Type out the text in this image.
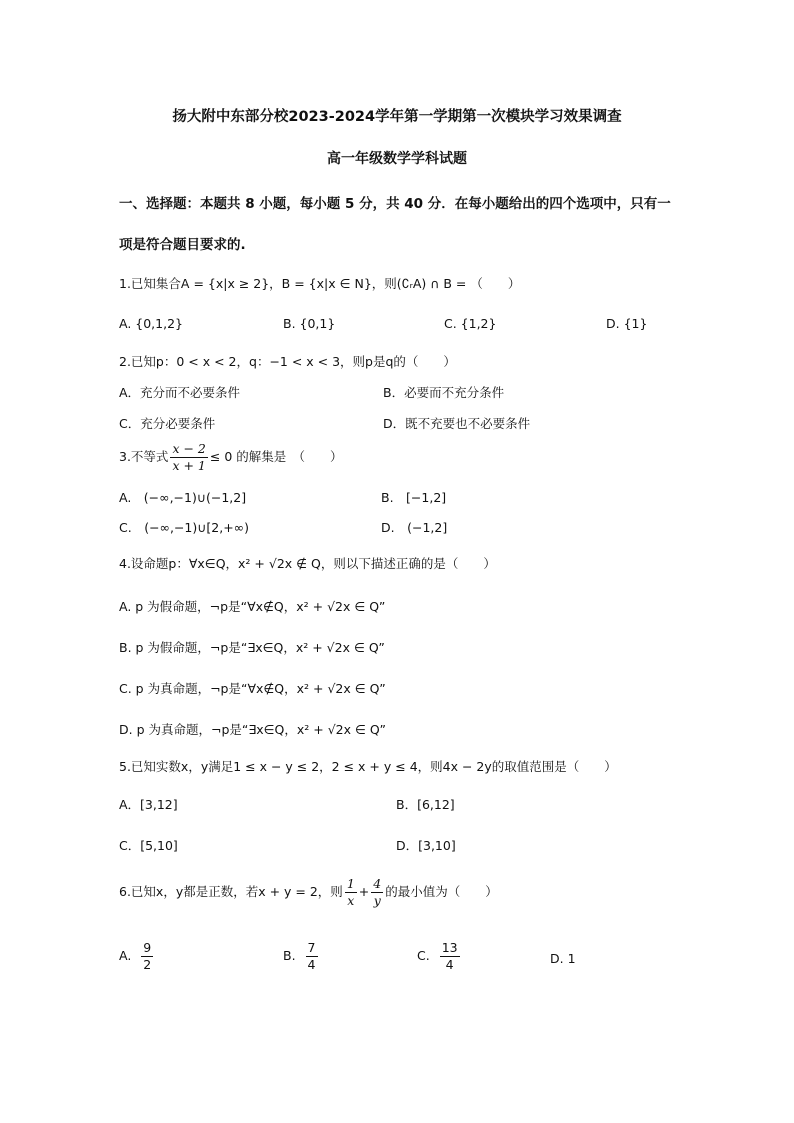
扬大附中东部分校2023-2024学年第一学期第一次模块学习效果调查
高一年级数学学科试题
一、选择题：本题共 8 小题，每小题 5 分，共 40 分．在每小题给出的四个选项中，只有一
项是符合题目要求的.
1.已知集合A = {x|x ≥ 2}，B = {x|x ∈ N}，则(∁ᵣA) ∩ B = （　　）
A. {0,1,2}	B. {0,1}	C. {1,2}	D. {1}
2.已知p：0 < x < 2，q：−1 < x < 3，则p是q的（　　）
A．充分而不必要条件	B．必要而不充分条件
C．充分必要条件	D．既不充要也不必要条件
3.不等式 $\frac{x - 2}{x + 1} \le 0$ 的解集是　（　　）
A.　(−∞,−1)∪(−1,2]	B.　[−1,2]
C.　(−∞,−1)∪[2,+∞)	D.　(−1,2]
4.设命题p：∀x∈Q，x² + √2x ∉ Q，则以下描述正确的是（　　）
A. p 为假命题，¬p是“∀x∉Q，x² + √2x ∈ Q”
B. p 为假命题，¬p是“∃x∈Q，x² + √2x ∈ Q”
C. p 为真命题，¬p是“∀x∉Q，x² + √2x ∈ Q”
D. p 为真命题，¬p是“∃x∈Q，x² + √2x ∈ Q”
5.已知实数x，y满足1 ≤ x − y ≤ 2，2 ≤ x + y ≤ 4，则4x − 2y的取值范围是（　　）
A．[3,12]	B．[6,12]
C．[5,10]	D．[3,10]
6.已知x，y都是正数，若x + y = 2，则 $\frac{1}{x} + \frac{4}{y}$ 的最小值为（　　）
A. $\frac{9}{2}$	B. $\frac{7}{4}$	C. $\frac{13}{4}$	D. 1
